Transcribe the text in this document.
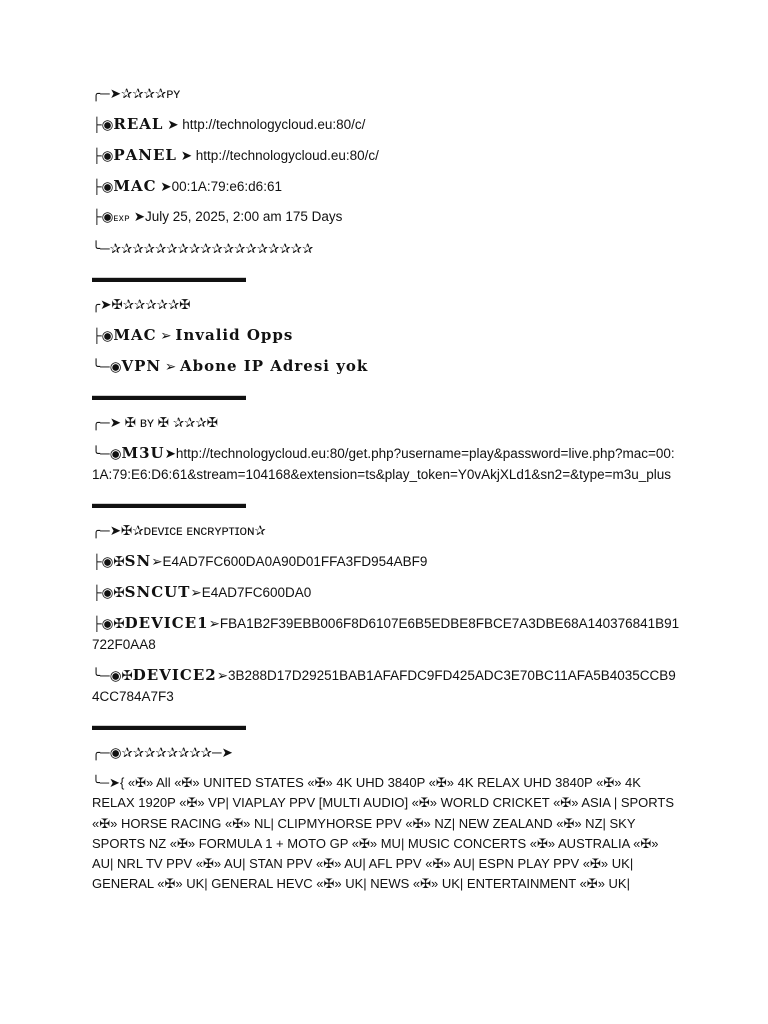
╭─➤✰✰✰✰ᴘʏ
├◉𝐑𝐄𝐀𝐋 ➤ http://technologycloud.eu:80/c/
├◉𝐏𝐀𝐍𝐄𝐋 ➤ http://technologycloud.eu:80/c/
├◉𝐌𝐀𝐂 ➤00:1A:79:e6:d6:61
├◉ᴇxᴘ ➤July 25, 2025, 2:00 am 175 Days
╰─✰✰✰✰✰✰✰✰✰✰✰✰✰✰✰✰✰✰
▬▬▬▬▬▬▬▬▬▬▬
╭➤✠✰✰✰✰✰✠
├◉𝐌𝐀𝐂 ➢ 𝐈𝐧𝐯𝐚𝐥𝐢𝐝 𝐎𝐩𝐩𝐬
╰─◉𝐕𝐏𝐍 ➢ 𝐀𝐛𝐨𝐧𝐞 𝐈𝐏 𝐀𝐝𝐫𝐞𝐬𝐢 𝐲𝐨𝐤
▬▬▬▬▬▬▬▬▬▬▬
╭─➤ ✠ ʙʏ ✠ ✰✰✰✠
╰─◉𝐌𝟑𝐔➤http://technologycloud.eu:80/get.php?username=play&password=live.php?mac=00:1A:79:E6:D6:61&stream=104168&extension=ts&play_token=Y0vAkjXLd1&sn2=&type=m3u_plus
▬▬▬▬▬▬▬▬▬▬▬
╭─➤✠✰ᴅᴇᴠɪᴄᴇ ᴇɴᴄʀʏᴘᴛɪᴏɴ✰
├◉✠𝐒𝐍➢E4AD7FC600DA0A90D01FFA3FD954ABF9
├◉✠𝐒𝐍𝐂𝐔𝐓➢E4AD7FC600DA0
├◉✠𝐃𝐄𝐕𝐈𝐂𝐄𝟏➢FBA1B2F39EBB006F8D6107E6B5EDBE8FBCE7A3DBE68A140376841B91722F0AA8
╰─◉✠𝐃𝐄𝐕𝐈𝐂𝐄𝟐➢3B288D17D29251BAB1AFAFDC9FD425ADC3E70BC11AFA5B4035CCB94CC784A7F3
▬▬▬▬▬▬▬▬▬▬▬
╭─◉✰✰✰✰✰✰✰✰─➤
╰─➤{ «✠» All «✠» UNITED STATES «✠» 4K UHD 3840P «✠» 4K RELAX UHD 3840P «✠» 4K RELAX 1920P «✠» VP| VIAPLAY PPV [MULTI AUDIO] «✠» WORLD CRICKET «✠» ASIA | SPORTS «✠» HORSE RACING «✠» NL| CLIPMYHORSE PPV «✠» NZ| NEW ZEALAND «✠» NZ| SKY SPORTS NZ «✠» FORMULA 1 + MOTO GP «✠» MU| MUSIC CONCERTS «✠» AUSTRALIA «✠» AU| NRL TV PPV «✠» AU| STAN PPV «✠» AU| AFL PPV «✠» AU| ESPN PLAY PPV «✠» UK| GENERAL «✠» UK| GENERAL HEVC «✠» UK| NEWS «✠» UK| ENTERTAINMENT «✠» UK|
